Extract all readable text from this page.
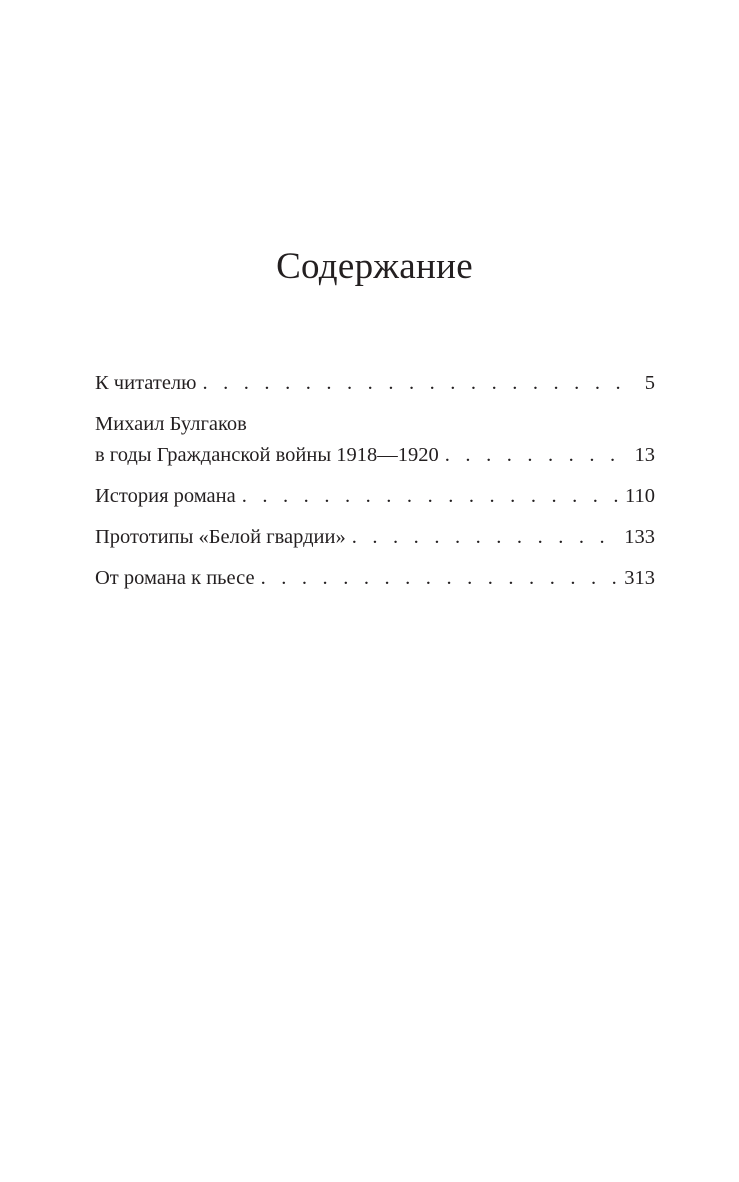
Содержание
К читателю . . .	5
Михаил Булгаков
в годы Гражданской войны 1918—1920 . . .	13
История романа . . .	110
Прототипы «Белой гвардии» . . .	133
От романа к пьесе . . .	313
